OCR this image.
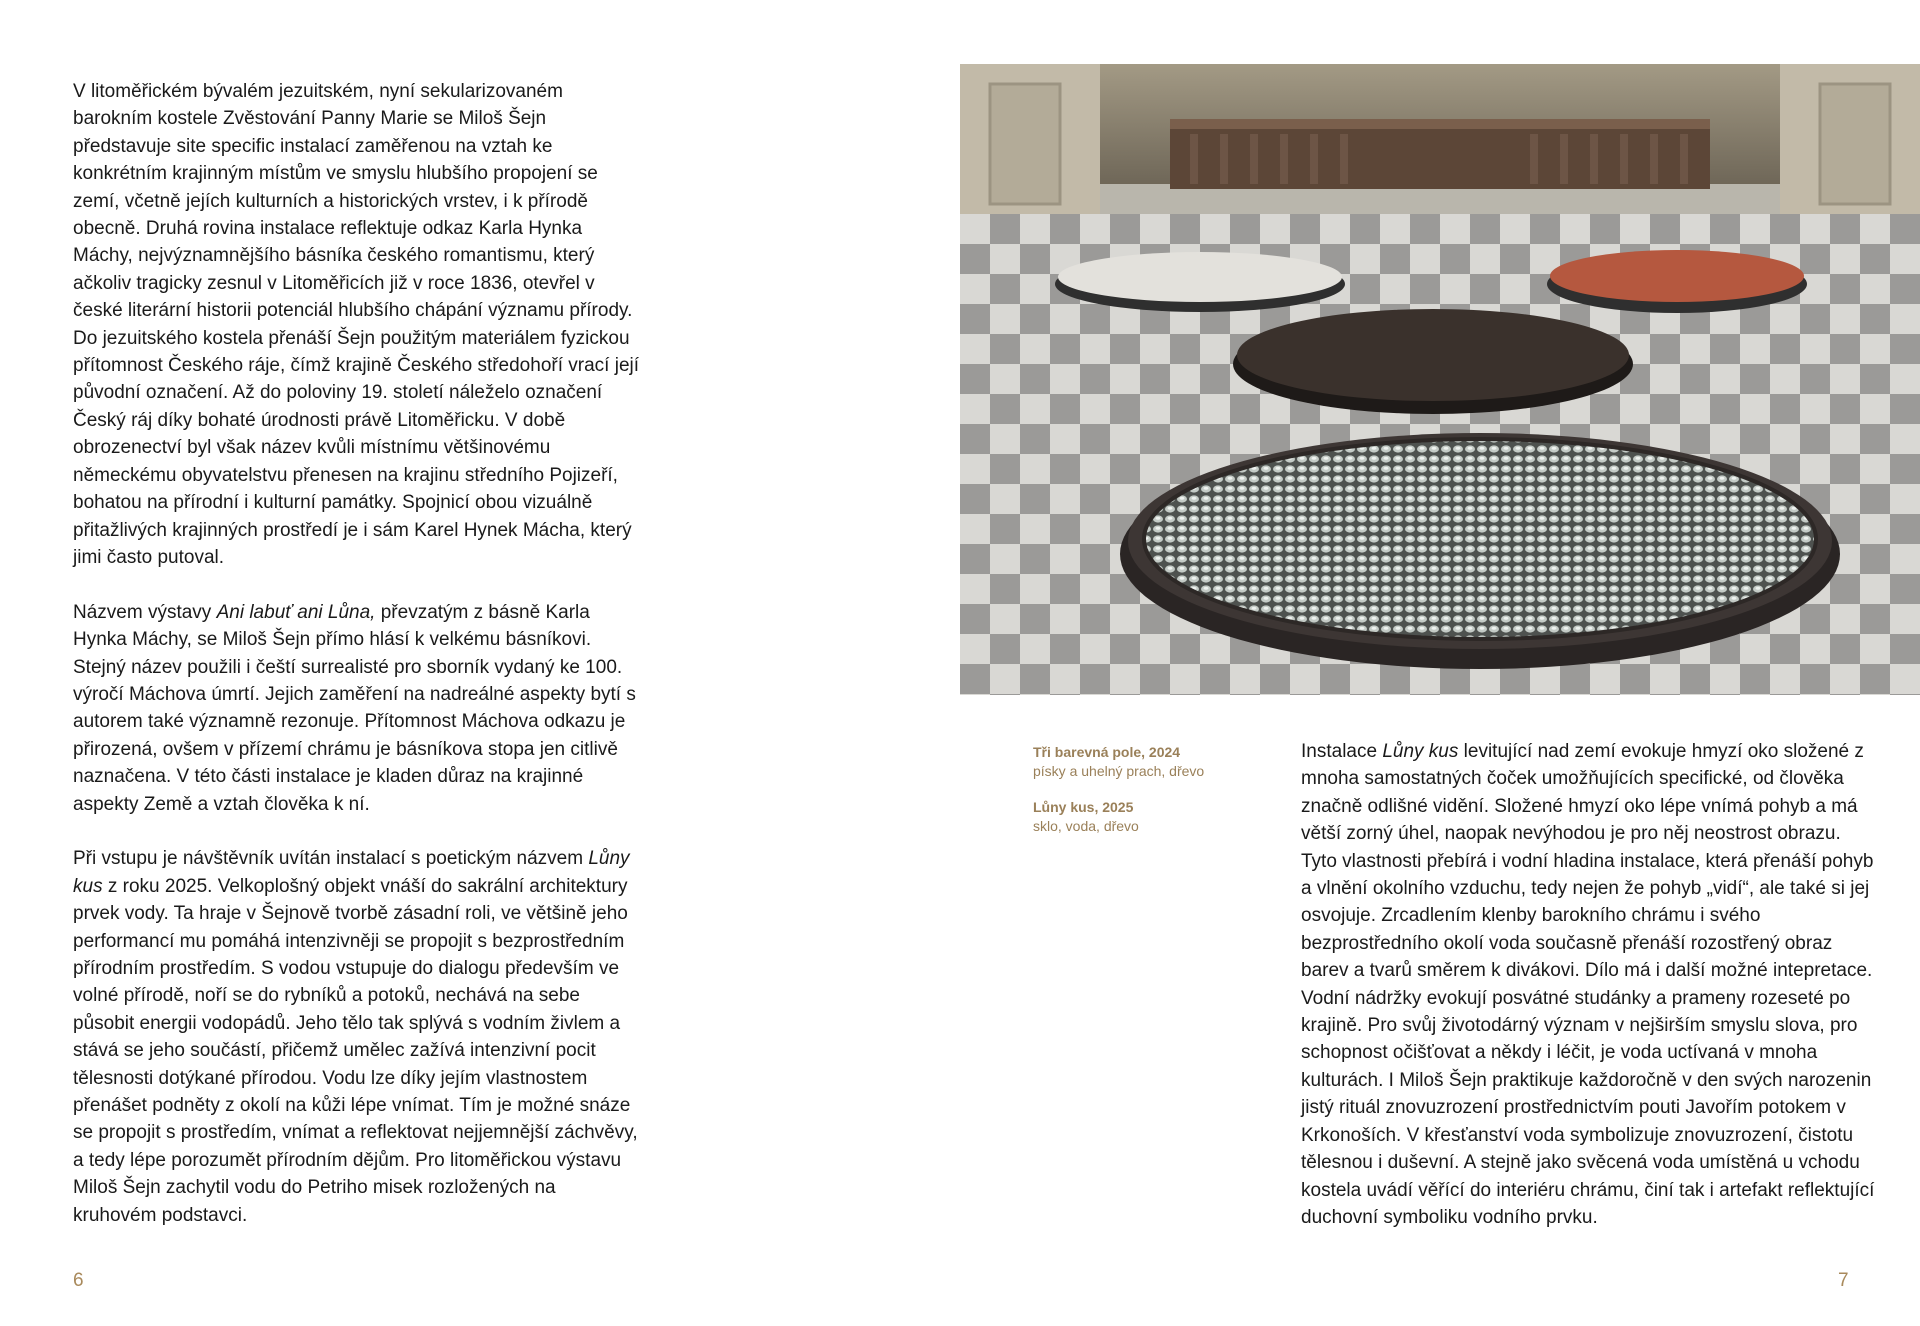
V litoměřickém bývalém jezuitském, nyní sekularizovaném barokním kostele Zvěstování Panny Marie se Miloš Šejn představuje site specific instalací zaměřenou na vztah ke konkrétním krajinným místům ve smyslu hlubšího propojení se zemí, včetně jejích kulturních a historických vrstev, i k přírodě obecně. Druhá rovina instalace reflektuje odkaz Karla Hynka Máchy, nejvýznamnějšího básníka českého romantismu, který ačkoliv tragicky zesnul v Litoměřicích již v roce 1836, otevřel v české literární historii potenciál hlubšího chápání významu přírody. Do jezuitského kostela přenáší Šejn použitým materiálem fyzickou přítomnost Českého ráje, čímž krajině Českého středohoří vrací její původní označení. Až do poloviny 19. století náleželo označení Český ráj díky bohaté úrodnosti právě Litoměřicku. V době obrozenectví byl však název kvůli místnímu většinovému německému obyvatelstvu přenesen na krajinu středního Pojizeří, bohatou na přírodní i kulturní památky. Spojnicí obou vizuálně přitažlivých krajinných prostředí je i sám Karel Hynek Mácha, který jimi často putoval.

Názvem výstavy Ani labuť ani Lůna, převzatým z básně Karla Hynka Máchy, se Miloš Šejn přímo hlásí k velkému básníkovi. Stejný název použili i čeští surrealisté pro sborník vydaný ke 100. výročí Máchova úmrtí. Jejich zaměření na nadreálné aspekty bytí s autorem také významně rezonuje. Přítomnost Máchova odkazu je přirozená, ovšem v přízemí chrámu je básníkova stopa jen citlivě naznačena. V této části instalace je kladen důraz na krajinné aspekty Země a vztah člověka k ní.

Při vstupu je návštěvník uvítán instalací s poetickým názvem Lůny kus z roku 2025. Velkoplošný objekt vnáší do sakrální architektury prvek vody. Ta hraje v Šejnově tvorbě zásadní roli, ve většině jeho performancí mu pomáhá intenzivněji se propojit s bezprostředním přírodním prostředím. S vodou vstupuje do dialogu především ve volné přírodě, noří se do rybníků a potoků, nechává na sebe působit energii vodopádů. Jeho tělo tak splývá s vodním živlem a stává se jeho součástí, přičemž umělec zažívá intenzivní pocit tělesnosti dotýkané přírodou. Vodu lze díky jejím vlastnostem přenášet podněty z okolí na kůži lépe vnímat. Tím je možné snáze se propojit s prostředím, vnímat a reflektovat nejjemnější záchvěvy, a tedy lépe porozumět přírodním dějům. Pro litoměřickou výstavu Miloš Šejn zachytil vodu do Petriho misek rozložených na kruhovém podstavci.

6
Tři barevná pole, 2024
písky a uhelný prach, dřevo
Lůny kus, 2025
sklo, voda, dřevo

Instalace Lůny kus levitující nad zemí evokuje hmyzí oko složené z mnoha samostatných čoček umožňujících specifické, od člověka značně odlišné vidění. Složené hmyzí oko lépe vnímá pohyb a má větší zorný úhel, naopak nevýhodou je pro něj neostrost obrazu. Tyto vlastnosti přebírá i vodní hladina instalace, která přenáší pohyb a vlnění okolního vzduchu, tedy nejen že pohyb „vidí“, ale také si jej osvojuje. Zrcadlením klenby barokního chrámu i svého bezprostředního okolí voda současně přenáší rozostřený obraz barev a tvarů směrem k divákovi. Dílo má i další možné intepretace. Vodní nádržky evokují posvátné studánky a prameny rozeseté po krajině. Pro svůj životodárný význam v nejširším smyslu slova, pro schopnost očišťovat a někdy i léčit, je voda uctívaná v mnoha kulturách. I Miloš Šejn praktikuje každoročně v den svých narozenin jistý rituál znovuzrození prostřednictvím pouti Javořím potokem v Krkonoších. V křesťanství voda symbolizuje znovuzrození, čistotu tělesnou i duševní. A stejně jako svěcená voda umístěná u vchodu kostela uvádí věřící do interiéru chrámu, činí tak i artefakt reflektující duchovní symboliku vodního prvku.

7
